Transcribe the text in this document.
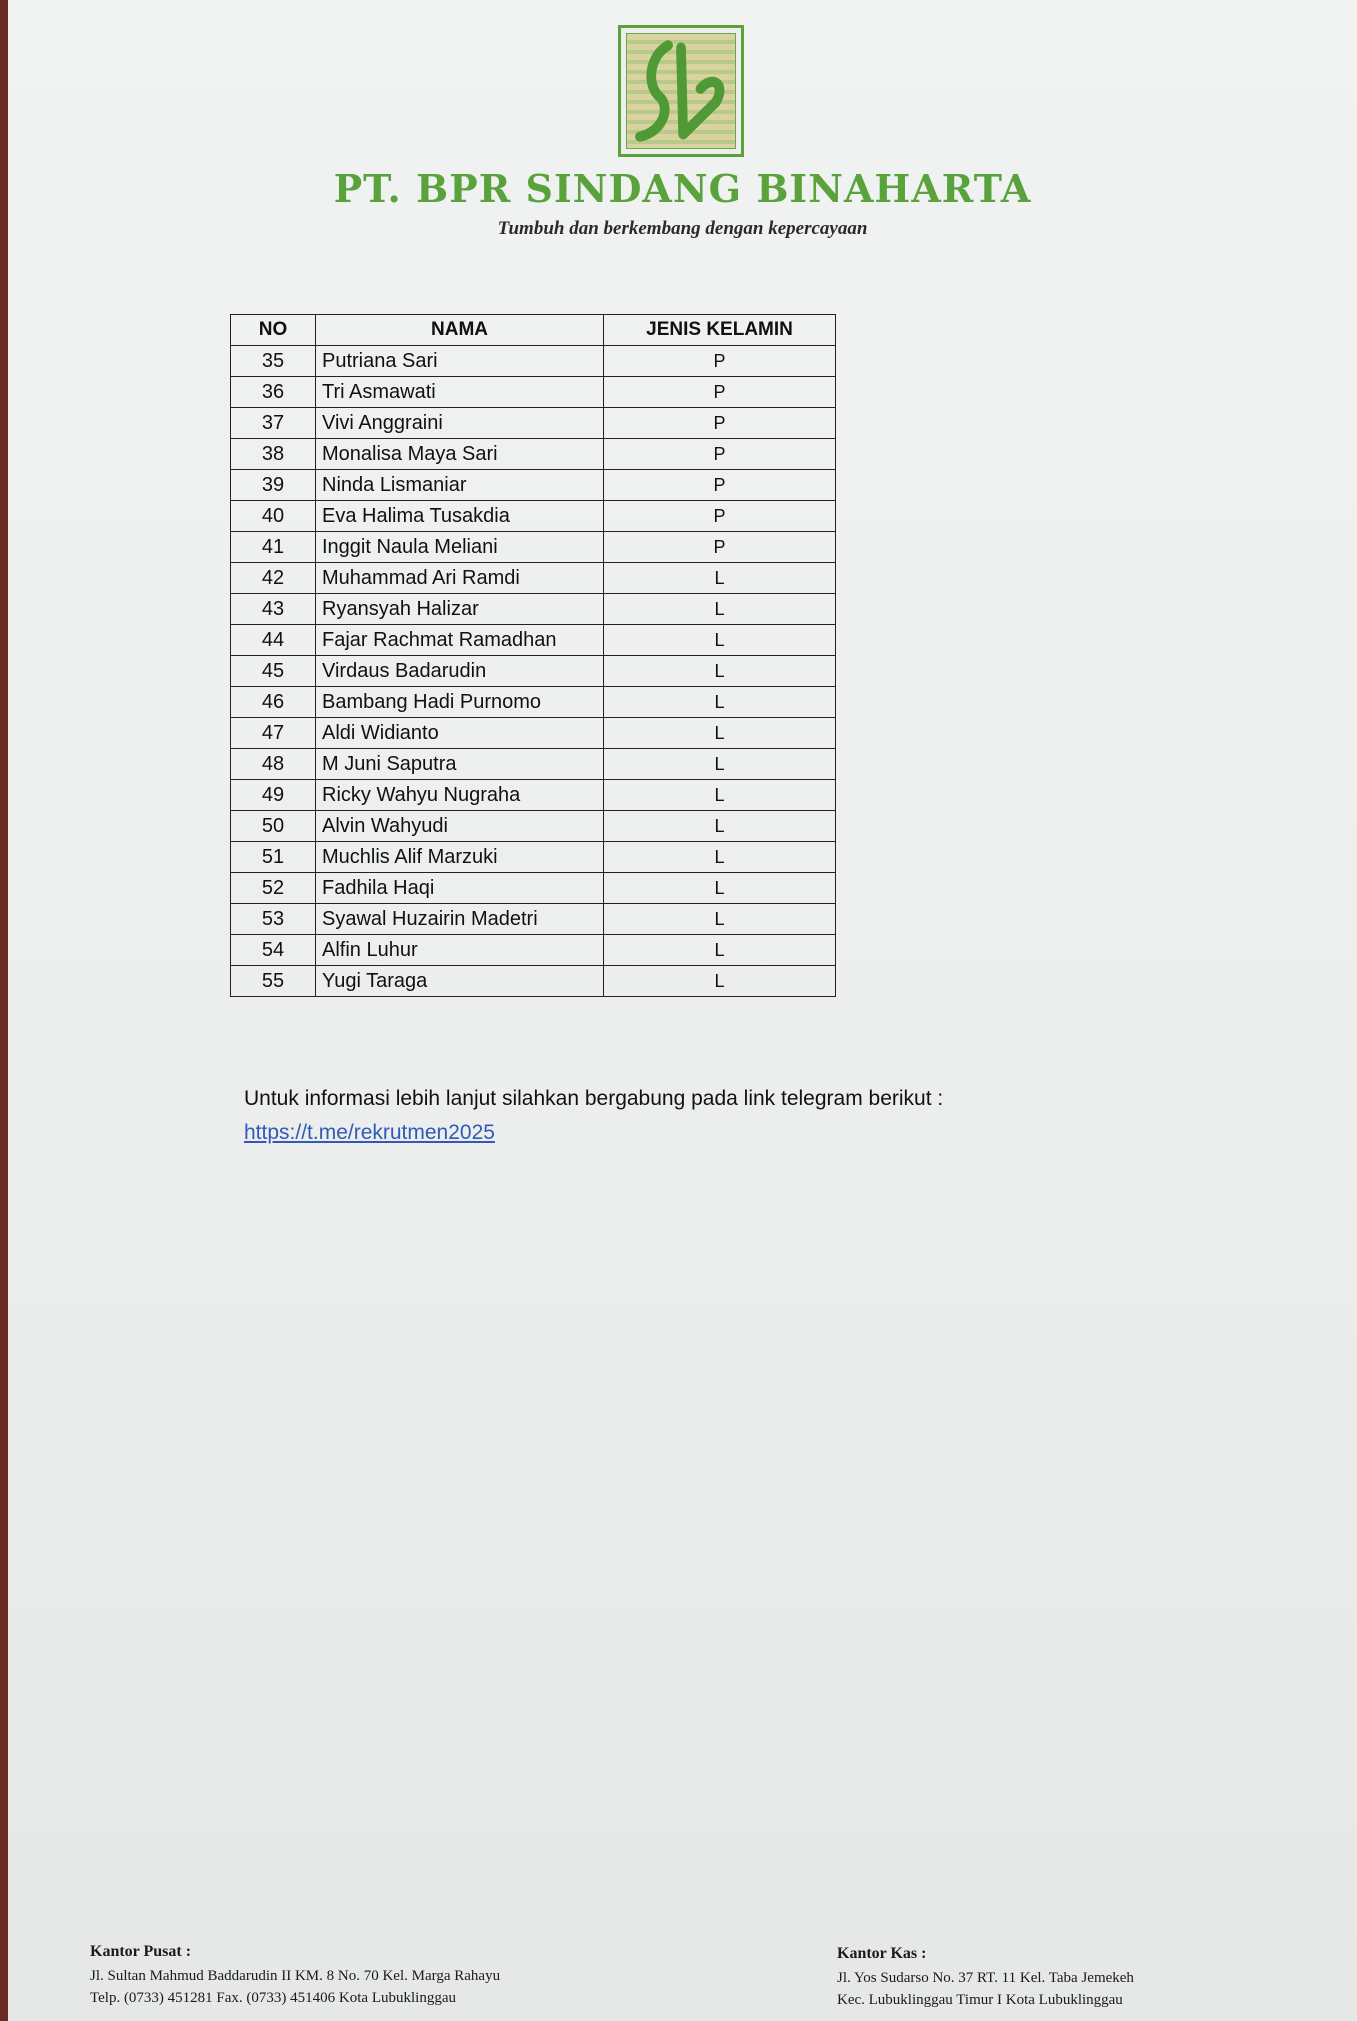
PT. BPR SINDANG BINAHARTA
Tumbuh dan berkembang dengan kepercayaan
NO	NAMA	JENIS KELAMIN
35	Putriana Sari	P
36	Tri Asmawati	P
37	Vivi Anggraini	P
38	Monalisa Maya Sari	P
39	Ninda Lismaniar	P
40	Eva Halima Tusakdia	P
41	Inggit Naula Meliani	P
42	Muhammad Ari Ramdi	L
43	Ryansyah Halizar	L
44	Fajar Rachmat Ramadhan	L
45	Virdaus Badarudin	L
46	Bambang Hadi Purnomo	L
47	Aldi Widianto	L
48	M Juni Saputra	L
49	Ricky Wahyu Nugraha	L
50	Alvin Wahyudi	L
51	Muchlis Alif Marzuki	L
52	Fadhila Haqi	L
53	Syawal Huzairin Madetri	L
54	Alfin Luhur	L
55	Yugi Taraga	L
Untuk informasi lebih lanjut silahkan bergabung pada link telegram berikut :
https://t.me/rekrutmen2025
Kantor Pusat :
Jl. Sultan Mahmud Baddarudin II KM. 8 No. 70 Kel. Marga Rahayu
Telp. (0733) 451281 Fax. (0733) 451406 Kota Lubuklinggau
Kantor Kas :
Jl. Yos Sudarso No. 37 RT. 11 Kel. Taba Jemekeh
Kec. Lubuklinggau Timur I Kota Lubuklinggau
